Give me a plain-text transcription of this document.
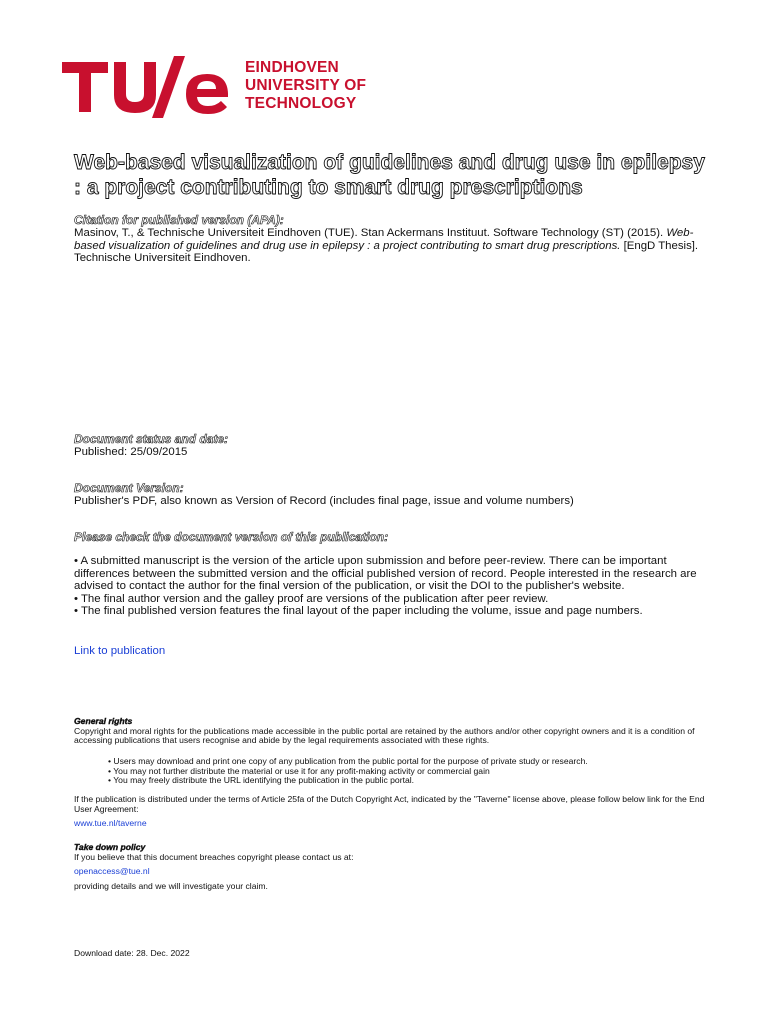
EINDHOVEN
UNIVERSITY OF
TECHNOLOGY
Web-based visualization of guidelines and drug use in epilepsy : a project contributing to smart drug prescriptions

Citation for published version (APA):

Masinov, T., & Technische Universiteit Eindhoven (TUE). Stan Ackermans Instituut. Software Technology (ST) (2015). Web-based visualization of guidelines and drug use in epilepsy : a project contributing to smart drug prescriptions. [EngD Thesis]. Technische Universiteit Eindhoven.

Document status and date:

Published: 25/09/2015

Document Version:

Publisher's PDF, also known as Version of Record (includes final page, issue and volume numbers)

Please check the document version of this publication:

• A submitted manuscript is the version of the article upon submission and before peer-review. There can be important differences between the submitted version and the official published version of record. People interested in the research are advised to contact the author for the final version of the publication, or visit the DOI to the publisher's website.

• The final author version and the galley proof are versions of the publication after peer review.

• The final published version features the final layout of the paper including the volume, issue and page numbers.

Link to publication

General rights

Copyright and moral rights for the publications made accessible in the public portal are retained by the authors and/or other copyright owners and it is a condition of accessing publications that users recognise and abide by the legal requirements associated with these rights.

• Users may download and print one copy of any publication from the public portal for the purpose of private study or research.

• You may not further distribute the material or use it for any profit-making activity or commercial gain

• You may freely distribute the URL identifying the publication in the public portal.

If the publication is distributed under the terms of Article 25fa of the Dutch Copyright Act, indicated by the "Taverne" license above, please follow below link for the End User Agreement:
www.tue.nl/taverne

Take down policy

If you believe that this document breaches copyright please contact us at:

openaccess@tue.nl
providing details and we will investigate your claim.
Download date: 28. Dec. 2022
